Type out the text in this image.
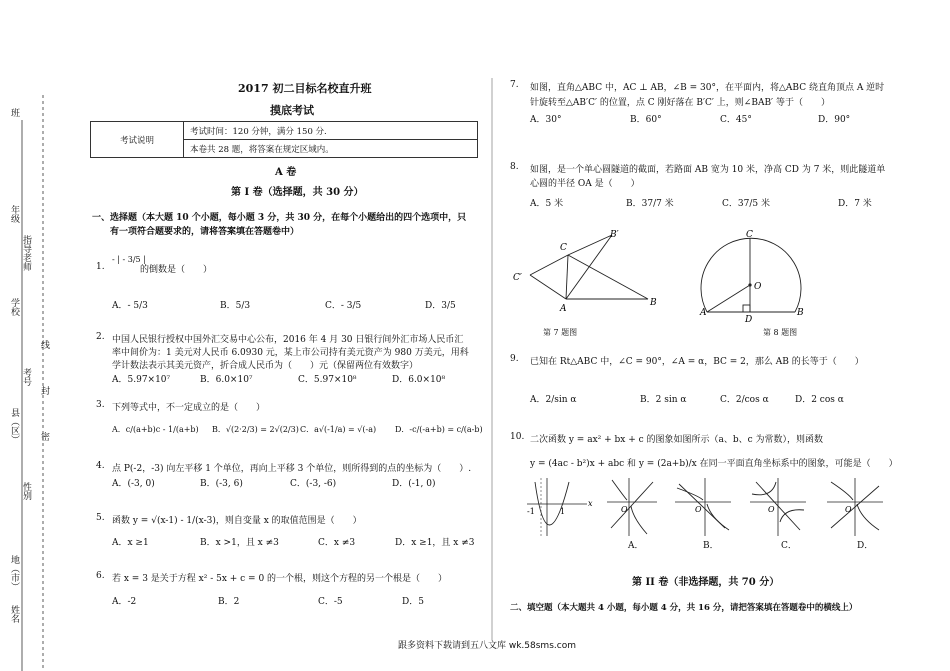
班
年级
指导老师
学校
线
考号
封
县（区） 密
性别
地（市）
姓名
2017 初二目标名校直升班
摸底考试
考试说明	考试时间：120 分钟，满分 150 分.
本卷共 28 题，将答案在规定区域内。
A 卷
第 I 卷（选择题，共 30 分）
一、选择题（本大题 10 个小题，每小题 3 分，共 30 分，在每个小题给出的四个选项中，只
有一项符合题要求的，请将答案填在答题卷中）
1.
- | - 3/5 |
的倒数是（　　）
A．- 5/3	B．5/3	C．- 3/5	D．3/5
2. 中国人民银行授权中国外汇交易中心公布，2016 年 4 月 30 日银行间外汇市场人民币汇
率中间价为：1 美元对人民币 6.0930 元，某上市公司持有美元资产为 980 万美元，用科
学计数法表示其美元资产，折合成人民币为（　　）元（保留两位有效数字）
A．5.97×10⁷	B．6.0×10⁷	C．5.97×10⁸	D．6.0×10⁸
3. 下列等式中，不一定成立的是（　　）
A．c/(a+b)c - 1/(a+b) B．√(2·2/3) = 2√(2/3) C．a√(-1/a) = √(-a) D．-c/(-a+b) = c/(a-b)
4. 点 P(-2，-3) 向左平移 1 个单位，再向上平移 3 个单位，则所得到的点的坐标为（　　）.
A．(-3, 0)	B．(-3, 6)	C．(-3, -6)	D．(-1, 0)
5. 函数 y = √(x-1) - 1/(x-3)，则自变量 x 的取值范围是（　　）
A．x ≥1	B．x >1，且 x ≠3	C．x ≠3	D．x ≥1，且 x ≠3
6. 若 x = 3 是关于方程 x² - 5x + c = 0 的一个根，则这个方程的另一个根是（　　）
A．-2	B．2	C．-5	D．5
7. 如图，直角△ABC 中，AC ⊥ AB，∠B = 30°，在平面内，将△ABC 绕直角顶点 A 逆时
针旋转至△AB′C′ 的位置，点 C 刚好落在 B′C′ 上，则∠BAB′ 等于（　　）
A．30°	B．60°	C．45°	D．90°
8. 如图，是一个单心圆隧道的截面，若路面 AB 宽为 10 米，净高 CD 为 7 米，则此隧道单
心圆的半径 OA 是（　　）
A．5 米	B．37/7 米	C．37/5 米	D．7 米
C′
C
B′
A
B
第 7 题图
C
O
A
D
B
第 8 题图
9. 已知在 Rt△ABC 中，∠C = 90°，∠A = α，BC = 2，那么 AB 的长等于（　　）
A．2/sin α	B．2 sin α	C．2/cos α	D．2 cos α
10. 二次函数 y = ax² + bx + c 的图象如图所示（a、b、c 为常数），则函数
y = (4ac - b²)x + abc 和 y = (2a+b)/x 在同一平面直角坐标系中的图象，可能是（　　）
-1	1
x
O	O	O	O
A．	B．	C．	D．
第 II 卷（非选择题，共 70 分）
二、填空题（本大题共 4 小题，每小题 4 分，共 16 分，请把答案填在答题卷中的横线上）
跟多资料下载请到五八文库 wk.58sms.com
